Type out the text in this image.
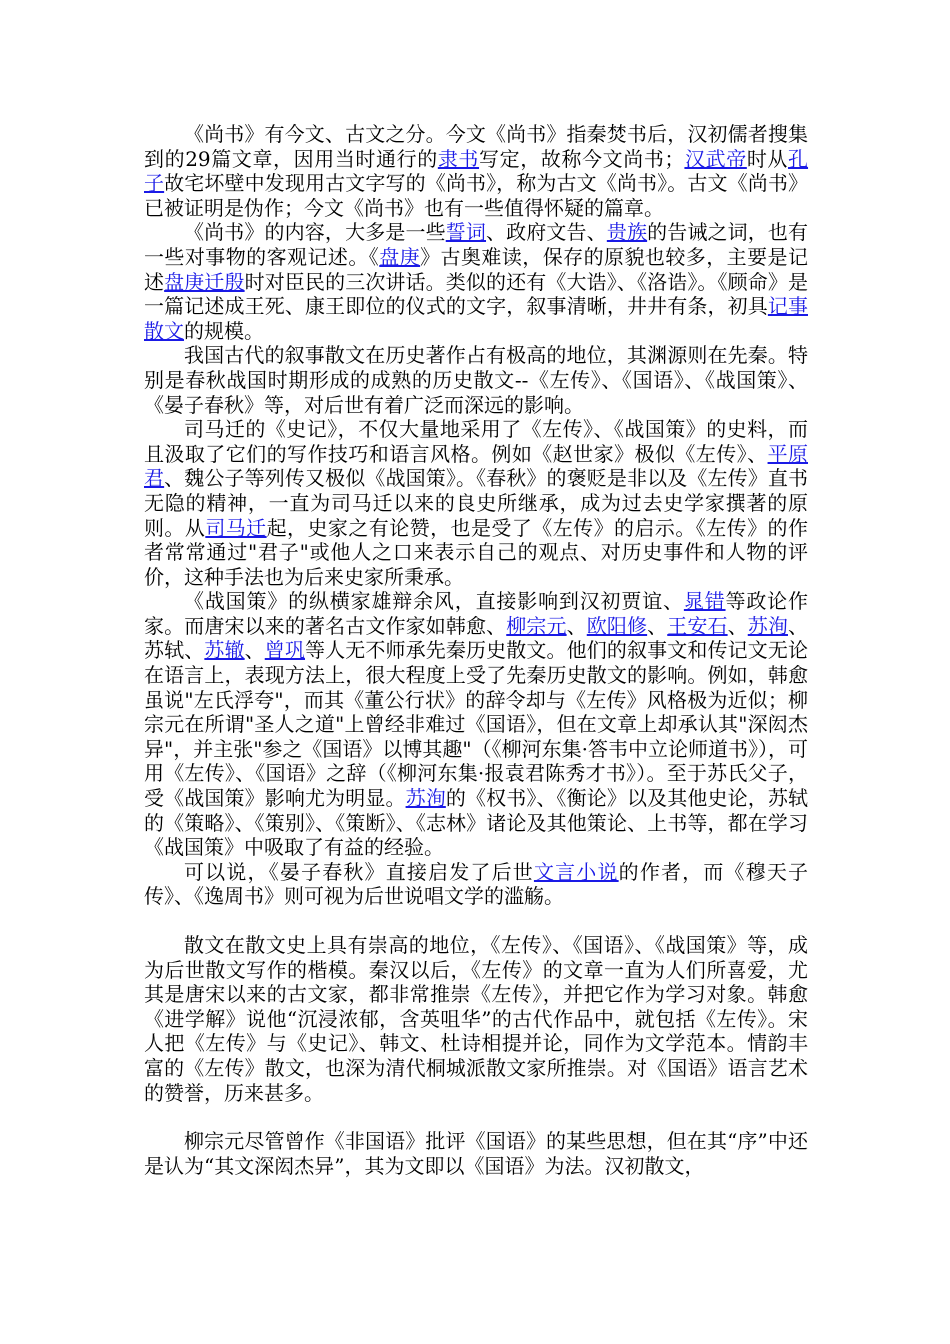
《尚书》有今文、古文之分。今文《尚书》指秦焚书后，汉初儒者搜集到的29篇文章，因用当时通行的隶书写定，故称今文尚书；汉武帝时从孔子故宅坏壁中发现用古文字写的《尚书》，称为古文《尚书》。古文《尚书》已被证明是伪作；今文《尚书》也有一些值得怀疑的篇章。

《尚书》的内容，大多是一些誓词、政府文告、贵族的告诫之词，也有一些对事物的客观记述。《盘庚》古奥难读，保存的原貌也较多，主要是记述盘庚迁殷时对臣民的三次讲话。类似的还有《大诰》、《洛诰》。《顾命》是一篇记述成王死、康王即位的仪式的文字，叙事清晰，井井有条，初具记事散文的规模。

我国古代的叙事散文在历史著作占有极高的地位，其渊源则在先秦。特别是春秋战国时期形成的成熟的历史散文--《左传》、《国语》、《战国策》、《晏子春秋》等，对后世有着广泛而深远的影响。

司马迁的《史记》，不仅大量地采用了《左传》、《战国策》的史料，而且汲取了它们的写作技巧和语言风格。例如《赵世家》极似《左传》、平原君、魏公子等列传又极似《战国策》。《春秋》的褒贬是非以及《左传》直书无隐的精神，一直为司马迁以来的良史所继承，成为过去史学家撰著的原则。从司马迁起，史家之有论赞，也是受了《左传》的启示。《左传》的作者常常通过"君子"或他人之口来表示自己的观点、对历史事件和人物的评价，这种手法也为后来史家所秉承。

《战国策》的纵横家雄辩余风，直接影响到汉初贾谊、晁错等政论作家。而唐宋以来的著名古文作家如韩愈、柳宗元、欧阳修、王安石、苏洵、苏轼、苏辙、曾巩等人无不师承先秦历史散文。他们的叙事文和传记文无论在语言上，表现方法上，很大程度上受了先秦历史散文的影响。例如，韩愈虽说"左氏浮夸"，而其《董公行状》的辞令却与《左传》风格极为近似；柳宗元在所谓"圣人之道"上曾经非难过《国语》，但在文章上却承认其"深闳杰异"，并主张"参之《国语》以博其趣"（《柳河东集·答韦中立论师道书》），可用《左传》、《国语》之辞（《柳河东集·报袁君陈秀才书》）。至于苏氏父子，受《战国策》影响尤为明显。苏洵的《权书》、《衡论》以及其他史论，苏轼的《策略》、《策别》、《策断》、《志林》诸论及其他策论、上书等，都在学习《战国策》中吸取了有益的经验。

可以说，《晏子春秋》直接启发了后世文言小说的作者，而《穆天子传》、《逸周书》则可视为后世说唱文学的滥觞。

散文在散文史上具有崇高的地位，《左传》、《国语》、《战国策》等，成为后世散文写作的楷模。秦汉以后，《左传》的文章一直为人们所喜爱，尤其是唐宋以来的古文家，都非常推崇《左传》，并把它作为学习对象。韩愈《进学解》说他“沉浸浓郁，含英咀华”的古代作品中，就包括《左传》。宋人把《左传》与《史记》、韩文、杜诗相提并论，同作为文学范本。情韵丰富的《左传》散文，也深为清代桐城派散文家所推崇。对《国语》语言艺术的赞誉，历来甚多。

柳宗元尽管曾作《非国语》批评《国语》的某些思想，但在其“序”中还是认为“其文深闳杰异”，其为文即以《国语》为法。汉初散文，
